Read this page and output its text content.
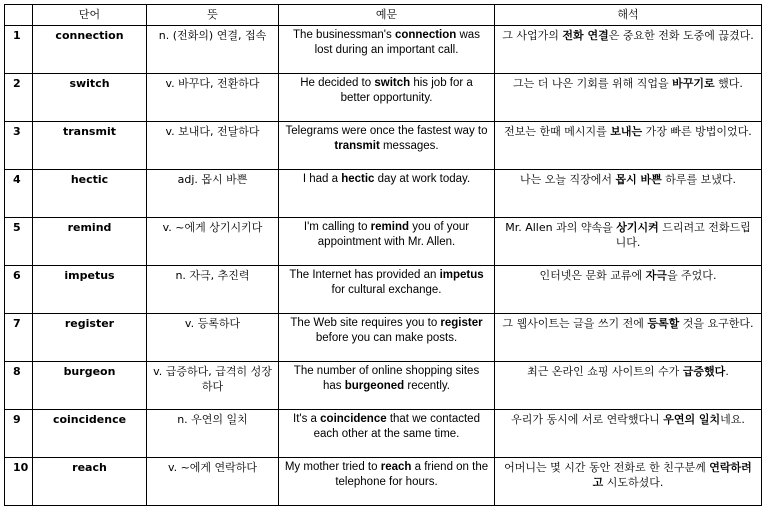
	단어	뜻	예문	해석
1	connection	n. (전화의) 연결, 접속	The businessman's connection was lost during an important call.	그 사업가의 전화 연결은 중요한 전화 도중에 끊겼다.
2	switch	v. 바꾸다, 전환하다	He decided to switch his job for a better opportunity.	그는 더 나은 기회를 위해 직업을 바꾸기로 했다.
3	transmit	v. 보내다, 전달하다	Telegrams were once the fastest way to transmit messages.	전보는 한때 메시지를 보내는 가장 빠른 방법이었다.
4	hectic	adj. 몹시 바쁜	I had a hectic day at work today.	나는 오늘 직장에서 몹시 바쁜 하루를 보냈다.
5	remind	v. ~에게 상기시키다	I'm calling to remind you of your appointment with Mr. Allen.	Mr. Allen 과의 약속을 상기시켜 드리려고 전화드립니다.
6	impetus	n. 자극, 추진력	The Internet has provided an impetus for cultural exchange.	인터넷은 문화 교류에 자극을 주었다.
7	register	v. 등록하다	The Web site requires you to register before you can make posts.	그 웹사이트는 글을 쓰기 전에 등록할 것을 요구한다.
8	burgeon	v. 급증하다, 급격히 성장하다	The number of online shopping sites has burgeoned recently.	최근 온라인 쇼핑 사이트의 수가 급증했다.
9	coincidence	n. 우연의 일치	It's a coincidence that we contacted each other at the same time.	우리가 동시에 서로 연락했다니 우연의 일치네요.
10	reach	v. ~에게 연락하다	My mother tried to reach a friend on the telephone for hours.	어머니는 몇 시간 동안 전화로 한 친구분께 연락하려고 시도하셨다.
